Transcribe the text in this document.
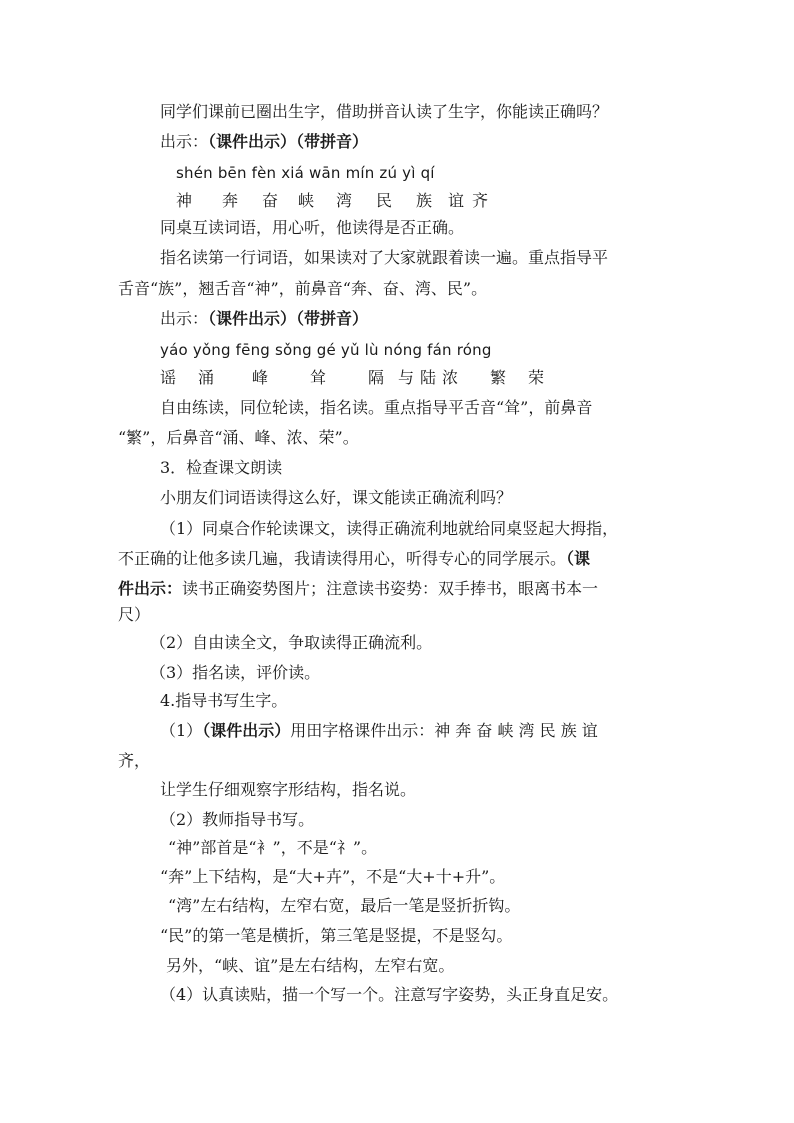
同学们课前已圈出生字，借助拼音认读了生字，你能读正确吗？
出示：（课件出示）（带拼音）
shén bēn fèn xiá wān mín zú yì qí
神 奔 奋 峡 湾 民 族 谊 齐
同桌互读词语，用心听，他读得是否正确。
指名读第一行词语，如果读对了大家就跟着读一遍。重点指导平
舌音“族”，翘舌音“神”，前鼻音“奔、奋、湾、民”。
出示：（课件出示）（带拼音）
yáo yǒng fēng sǒng gé yǔ lù nóng fán róng
谣 涌 峰	耸	隔 与 陆 浓 繁 荣
自由练读，同位轮读，指名读。重点指导平舌音“耸”，前鼻音
“繁”，后鼻音“涌、峰、浓、荣”。
3．检查课文朗读
小朋友们词语读得这么好，课文能读正确流利吗？
（1）同桌合作轮读课文，读得正确流利地就给同桌竖起大拇指，
不正确的让他多读几遍，我请读得用心，听得专心的同学展示。（课
件出示：读书正确姿势图片；注意读书姿势：双手捧书，眼离书本一
尺）
（2）自由读全文，争取读得正确流利。
（3）指名读，评价读。
4.指导书写生字。
（1）（课件出示）用田字格课件出示：神 奔 奋 峡 湾 民 族 谊
齐，
让学生仔细观察字形结构，指名说。
（2）教师指导书写。
“神”部首是“衤”，不是“礻”。
“奔”上下结构，是“大+卉”，不是“大+十+升”。
“湾”左右结构，左窄右宽，最后一笔是竖折折钩。
“民”的第一笔是横折，第三笔是竖提，不是竖勾。
另外，“峡、谊”是左右结构，左窄右宽。
（4）认真读贴，描一个写一个。注意写字姿势，头正身直足安。
